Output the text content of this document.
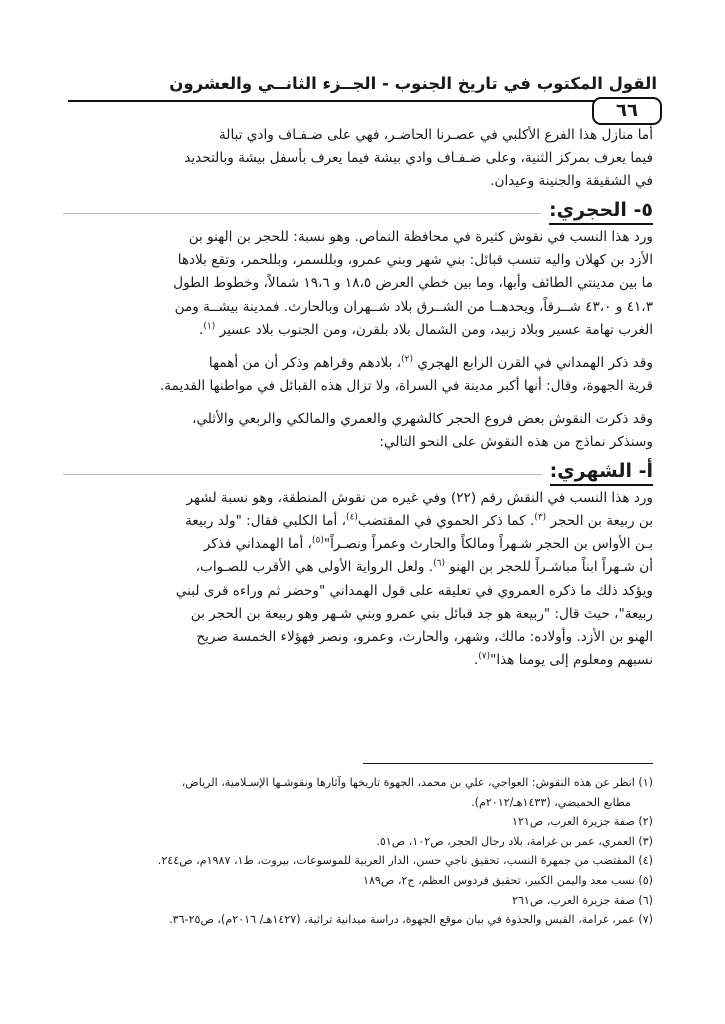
القول المكتوب في تاريخ الجنوب - الجــزء الثانــي والعشرون
٦٦

أما منازل هذا الفرع الأكلبي في عصـرنا الحاضـر، فهي على ضـفـاف وادي تبالة
فيما يعرف بمركز الثنية، وعلى ضـفـاف وادي بيشة فيما يعرف بأسفل بيشة وبالتحديد
في الشقيقة والجنينة وعيدان.

٥- الحجري:

ورد هذا النسب في نقوش كثيرة في محافظة النماص. وهو نسبة: للحجر بن الهنو بن
الأزد بن كهلان واليه تنسب قبائل: بني شهر وبني عمرو، وبللسمر، وبللحمر، وتقع بلادها
ما بين مدينتي الطائف وأبها، وما بين خطي العرض ١٨،٥ و ١٩،٦ شمالاً، وخطوط الطول
٤١،٣ و ٤٣،٠ شــرقاً، ويحدهــا من الشــرق بلاد شــهران وبالحارث. فمدينة بيشــة ومن
الغرب تهامة عسير وبلاد زبيد، ومن الشمال بلاد بلقرن، ومن الجنوب بلاد عسير $^{(١)}$.

وقد ذكر الهمداني في القرن الرابع الهجري $^{(٢)}$، بلادهم وقراهم وذكر أن من أهمها
قرية الجهوة، وقال: أنها أكبر مدينة في السراة، ولا تزال هذه القبائل في مواطنها القديمة.

وقد ذكرت النقوش بعض فروع الحجر كالشهري والعمري والمالكي والربعي والأثلي،
وسنذكر نماذج من هذه النقوش على النحو التالي:

أ- الشهري:

ورد هذا النسب في النقش رقم (٢٢) وفي غيره من نقوش المنطقة، وهو نسبة لشهر
بن ربيعة بن الحجر $^{(٣)}$. كما ذكر الحموي في المقتضب$^{(٤)}$، أما الكلبي فقال: "ولد ربيعة
بـن الأواس بن الحجر شـهراً ومالكاً والحارث وعمراً ونصـراً"$^{(٥)}$، أما الهمداني فذكر
أن شـهراً ابناً مباشـراً للحجر بن الهنو $^{(٦)}$. ولعل الرواية الأولى هي الأقرب للصـواب،
ويؤكد ذلك ما ذكره العمروي في تعليقه على قول الهمداني "وحضر ثم وراءه قرى لبني
ربيعة"، حيث قال: "ربيعة هو جد قبائل بني عمرو وبني شـهر وهو ربيعة بن الحجر بن
الهنو بن الأزد. وأولاده: مالك، وشهر، والحارث، وعمرو، ونصر فهؤلاء الخمسة صريح
نسبهم ومعلوم إلى يومنا هذا"$^{(٧)}$.

(١) انظر عن هذه النقوش: العواجي، علي بن محمد، الجهوة تاريخها وآثارها ونقوشـها الإسـلامية، الرياض،

مطابع الحميضي، (١٤٣٣هـ/٢٠١٢م).

(٢) صفة جزيرة العرب، ص١٢١

(٣) العمري، عمر بن غرامة، بلاد رجال الحجر، ص١٠٢، ص٥١.

(٤) المقتضب من جمهرة النسب، تحقيق ناجي حسن، الدار العربية للموسوعات، بيروت، ط١، ١٩٨٧م، ص٢٤٤.

(٥) نسب معد واليمن الكبير، تحقيق فردوس العظم، ج٢، ص١٨٩

(٦) صفة جزيرة العرب، ص٢٦١

(٧) عمر، غرامة، القبس والجذوة في بيان موقع الجهوة، دراسة ميدانية تراثية، (١٤٢٧هـ/ ٢٠١٦م)، ص٢٥-٣٦.
